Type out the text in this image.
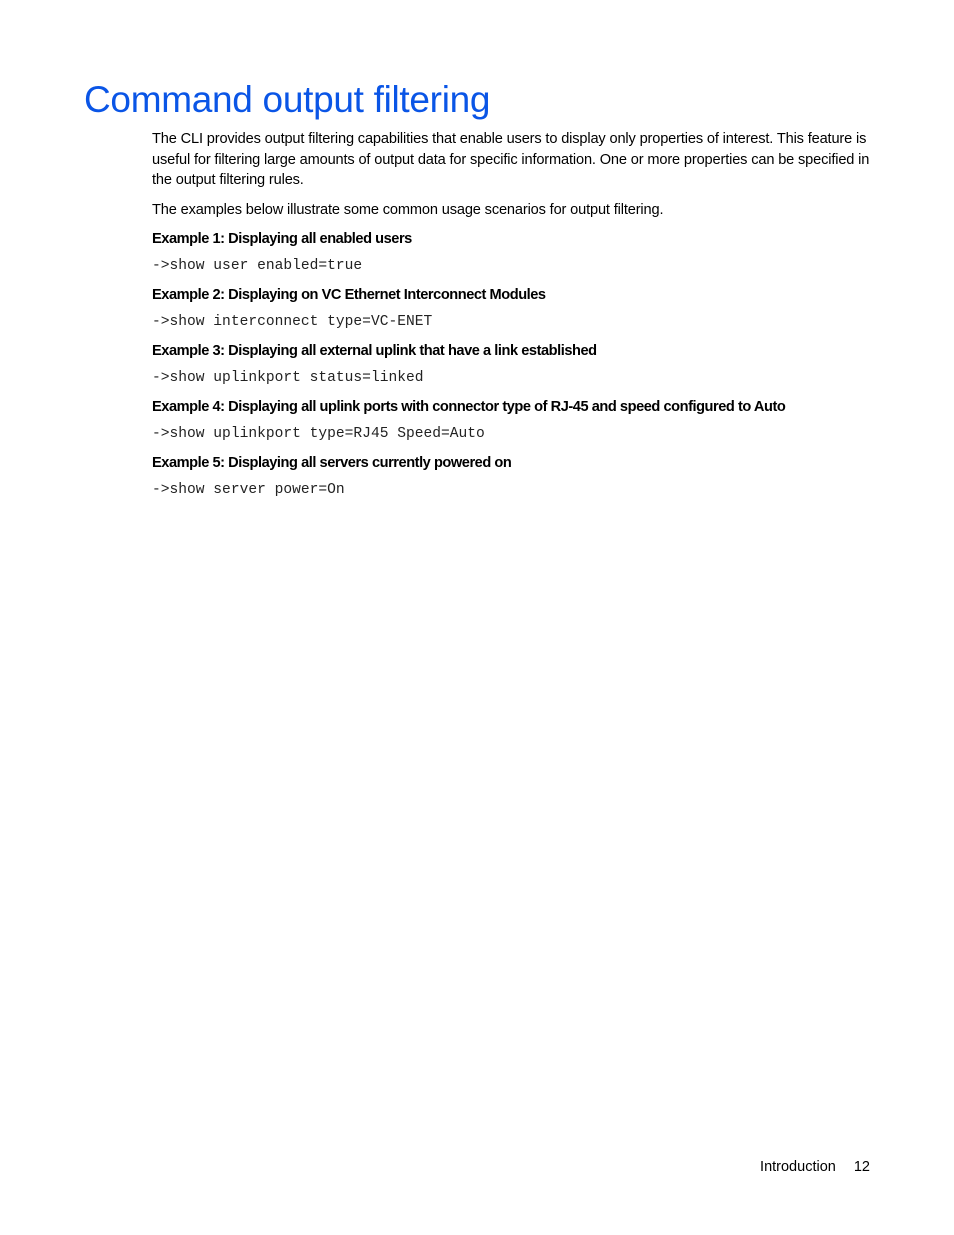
Command output filtering

The CLI provides output filtering capabilities that enable users to display only properties of interest. This feature is useful for filtering large amounts of output data for specific information. One or more properties can be specified in the output filtering rules.

The examples below illustrate some common usage scenarios for output filtering.

Example 1: Displaying all enabled users
->show user enabled=true
Example 2: Displaying on VC Ethernet Interconnect Modules
->show interconnect type=VC-ENET
Example 3: Displaying all external uplink that have a link established
->show uplinkport status=linked
Example 4: Displaying all uplink ports with connector type of RJ-45 and speed configured to Auto
->show uplinkport type=RJ45 Speed=Auto
Example 5: Displaying all servers currently powered on
->show server power=On
Introduction 12
